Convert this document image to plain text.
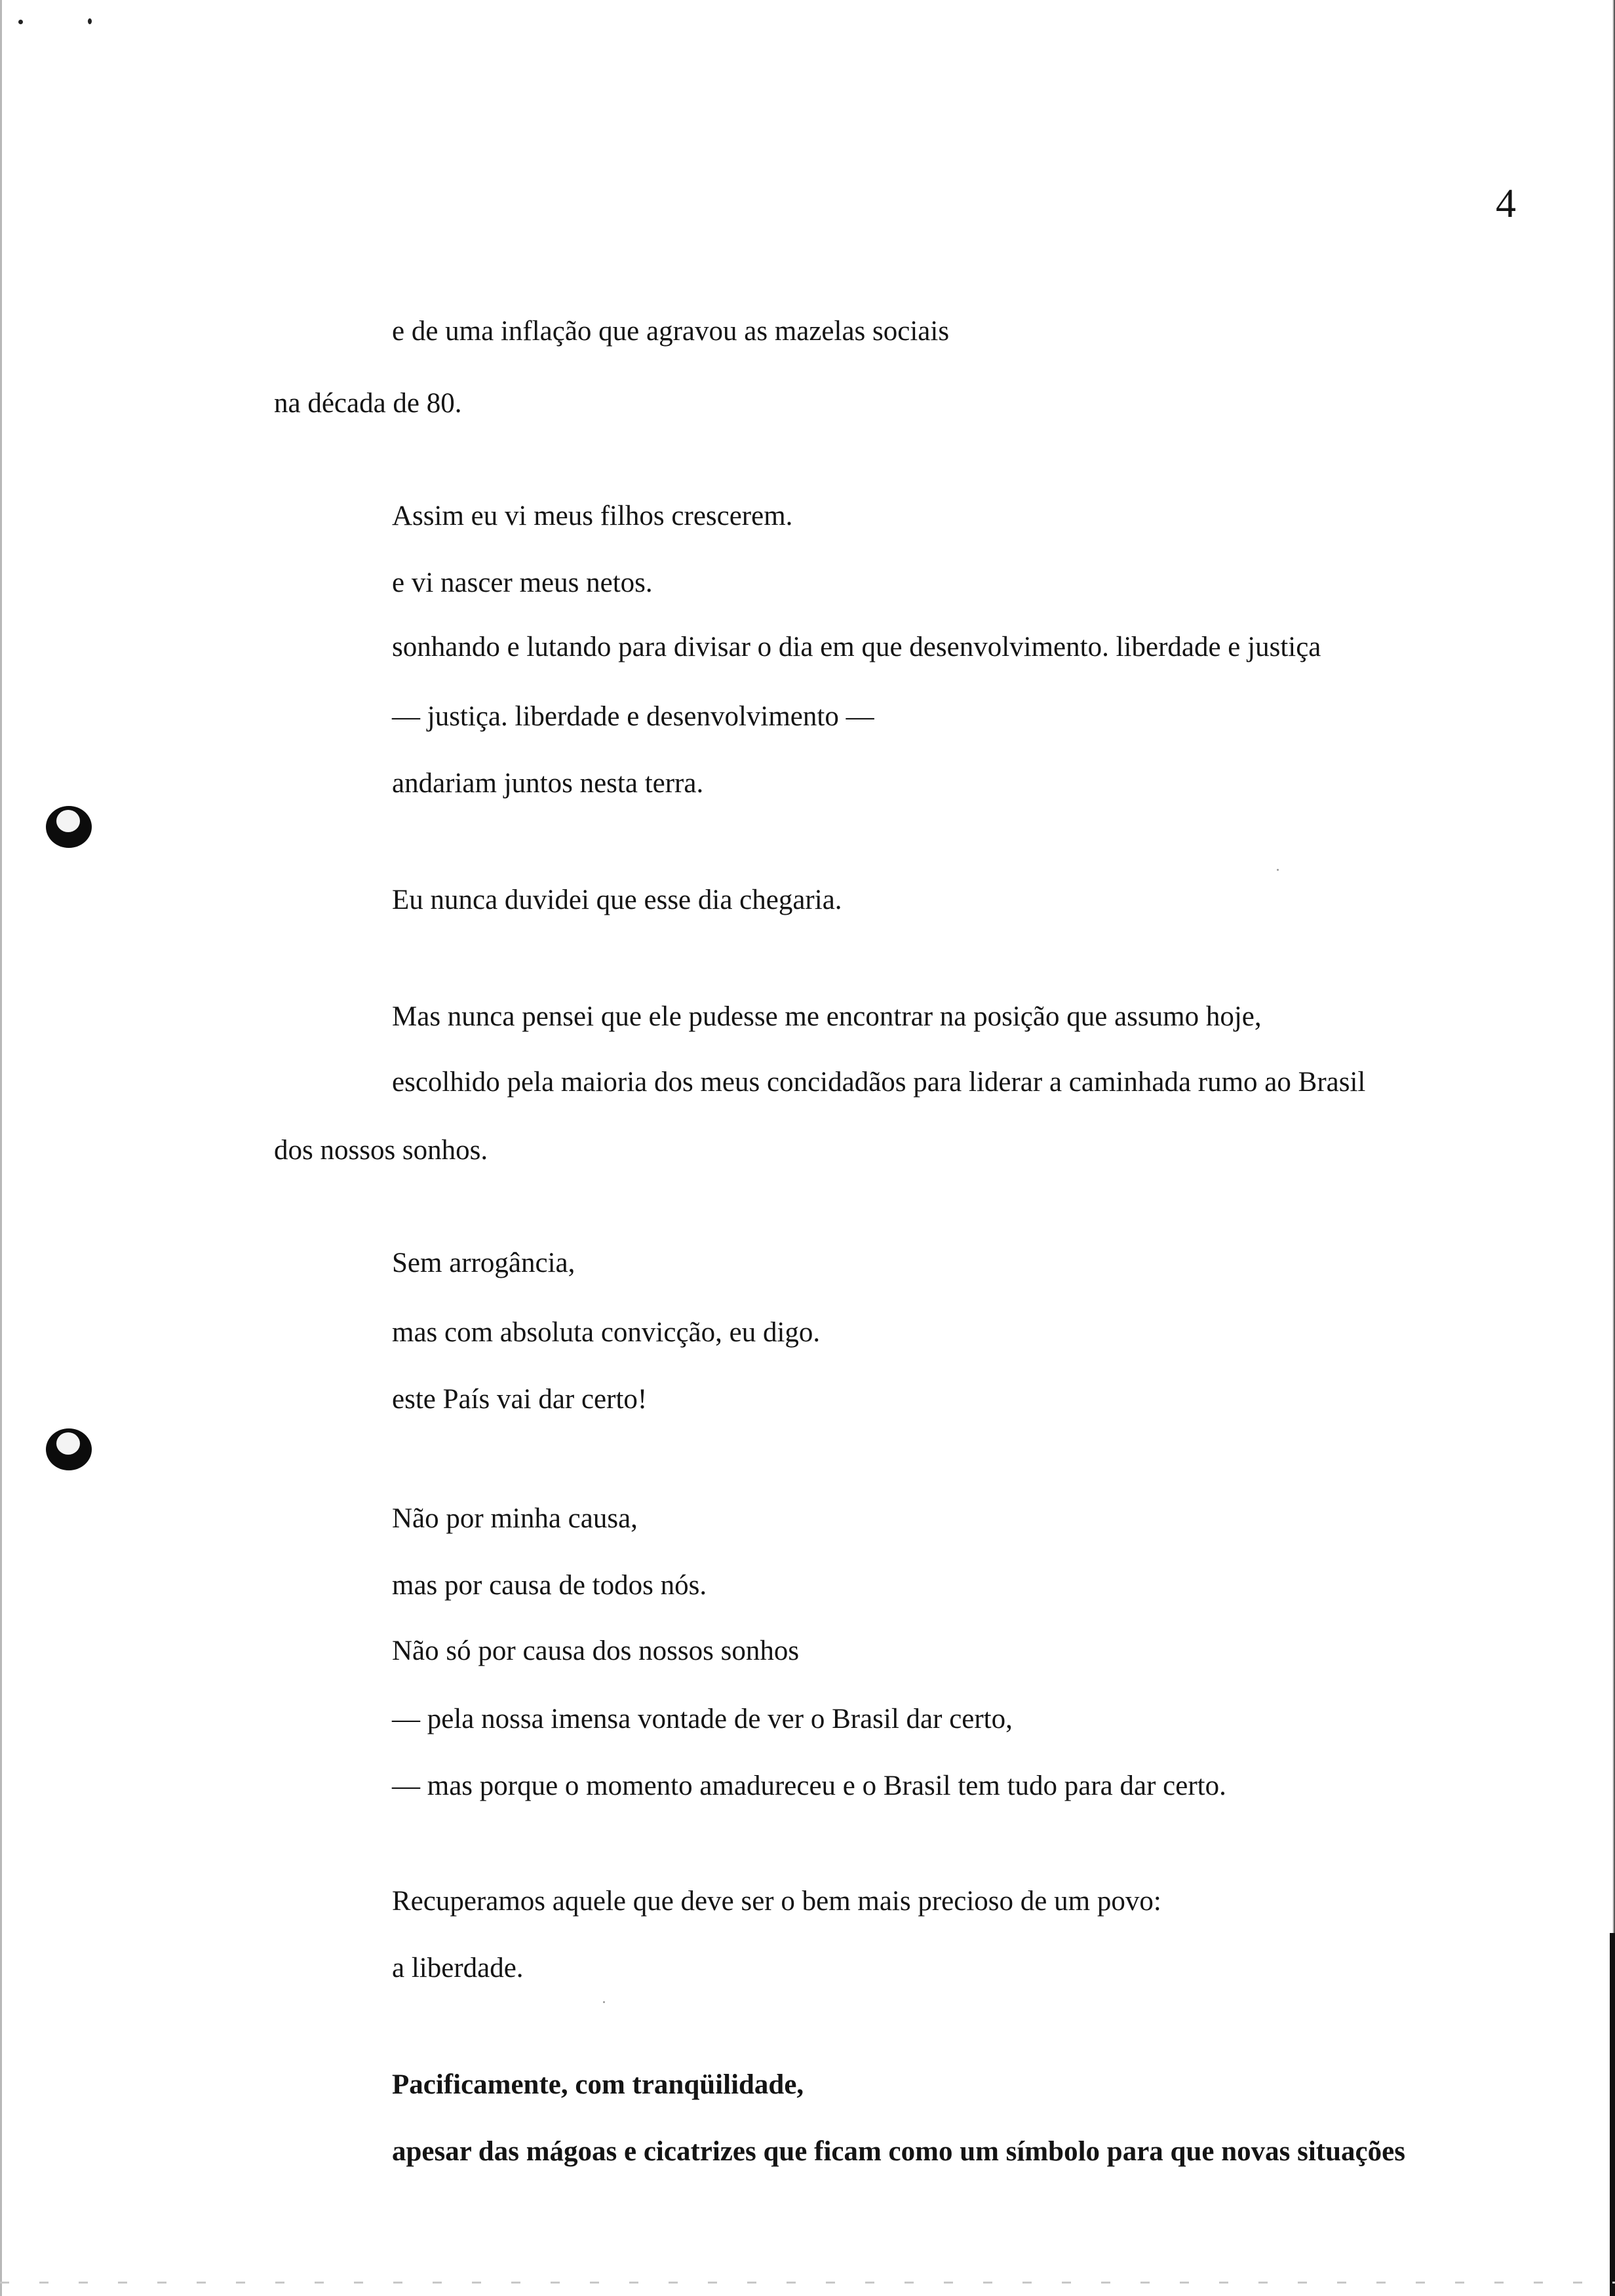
4
e de uma inflação que agravou as mazelas sociais
na década de 80.
Assim eu vi meus filhos crescerem.
e vi nascer meus netos.
sonhando e lutando para divisar o dia em que desenvolvimento. liberdade e justiça
— justiça. liberdade e desenvolvimento —
andariam juntos nesta terra.
Eu nunca duvidei que esse dia chegaria.
Mas nunca pensei que ele pudesse me encontrar na posição que assumo hoje,
escolhido pela maioria dos meus concidadãos para liderar a caminhada rumo ao Brasil
dos nossos sonhos.
Sem arrogância,
mas com absoluta convicção, eu digo.
este País vai dar certo!
Não por minha causa,
mas por causa de todos nós.
Não só por causa dos nossos sonhos
— pela nossa imensa vontade de ver o Brasil dar certo,
— mas porque o momento amadureceu e o Brasil tem tudo para dar certo.
Recuperamos aquele que deve ser o bem mais precioso de um povo:
a liberdade.
Pacificamente, com tranqüilidade,
apesar das mágoas e cicatrizes que ficam como um símbolo para que novas situações
